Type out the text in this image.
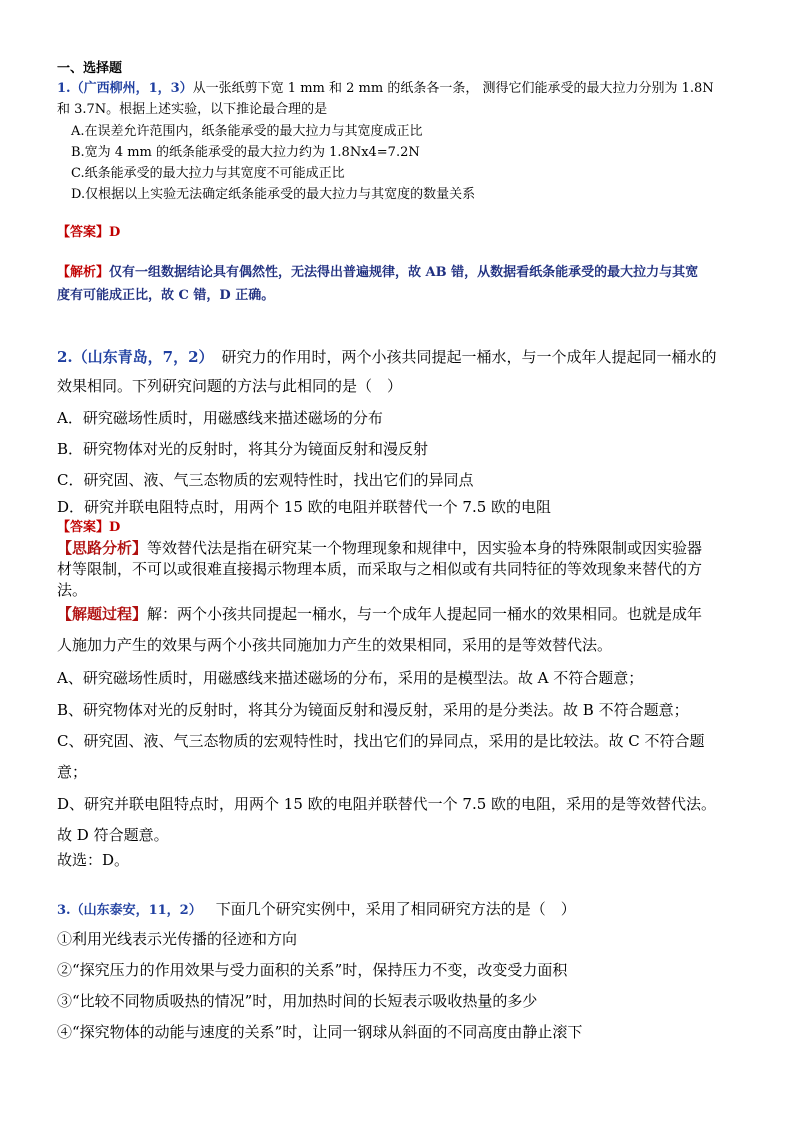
一、选择题
1.（广西柳州，1，3）从一张纸剪下宽 1 mm 和 2 mm 的纸条各一条， 测得它们能承受的最大拉力分别为 1.8N
和 3.7N。根据上述实验，以下推论最合理的是
A.在误差允许范围内，纸条能承受的最大拉力与其宽度成正比
B.宽为 4 mm 的纸条能承受的最大拉力约为 1.8Nx4=7.2N
C.纸条能承受的最大拉力与其宽度不可能成正比
D.仅根据以上实验无法确定纸条能承受的最大拉力与其宽度的数量关系
【答案】D
【解析】仅有一组数据结论具有偶然性，无法得出普遍规律，故 AB 错，从数据看纸条能承受的最大拉力与其宽
度有可能成正比，故 C 错，D 正确。
2.（山东青岛，7，2） 研究力的作用时，两个小孩共同提起一桶水，与一个成年人提起同一桶水的
效果相同。下列研究问题的方法与此相同的是（　）
A．研究磁场性质时，用磁感线来描述磁场的分布
B．研究物体对光的反射时，将其分为镜面反射和漫反射
C．研究固、液、气三态物质的宏观特性时，找出它们的异同点
D．研究并联电阻特点时，用两个 15 欧的电阻并联替代一个 7.5 欧的电阻
【答案】D
【思路分析】等效替代法是指在研究某一个物理现象和规律中，因实验本身的特殊限制或因实验器
材等限制，不可以或很难直接揭示物理本质，而采取与之相似或有共同特征的等效现象来替代的方
法。
【解题过程】解：两个小孩共同提起一桶水，与一个成年人提起同一桶水的效果相同。也就是成年
人施加力产生的效果与两个小孩共同施加力产生的效果相同，采用的是等效替代法。
A、研究磁场性质时，用磁感线来描述磁场的分布，采用的是模型法。故 A 不符合题意；
B、研究物体对光的反射时，将其分为镜面反射和漫反射，采用的是分类法。故 B 不符合题意；
C、研究固、液、气三态物质的宏观特性时，找出它们的异同点，采用的是比较法。故 C 不符合题
意；
D、研究并联电阻特点时，用两个 15 欧的电阻并联替代一个 7.5 欧的电阻，采用的是等效替代法。
故 D 符合题意。
故选：D。
3.（山东泰安，11，2） 下面几个研究实例中，采用了相同研究方法的是（　）
①利用光线表示光传播的径迹和方向
②“探究压力的作用效果与受力面积的关系”时，保持压力不变，改变受力面积
③“比较不同物质吸热的情况”时，用加热时间的长短表示吸收热量的多少
④“探究物体的动能与速度的关系”时，让同一钢球从斜面的不同高度由静止滚下
